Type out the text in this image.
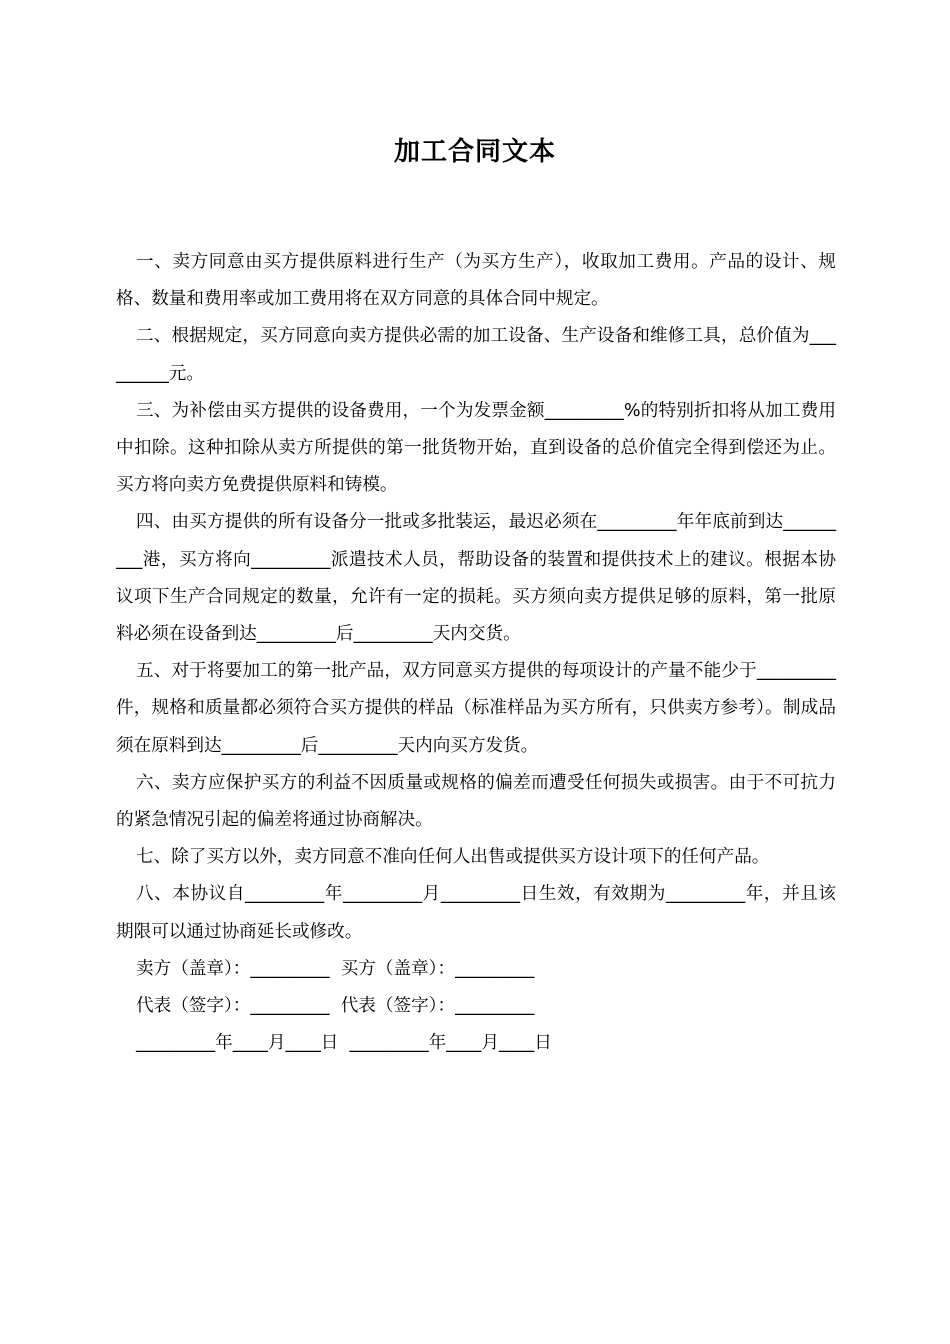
加工合同文本

一、卖方同意由买方提供原料进行生产（为买方生产），收取加工费用。产品的设计、规格、数量和费用率或加工费用将在双方同意的具体合同中规定。

二、根据规定，买方同意向卖方提供必需的加工设备、生产设备和维修工具，总价值为_________元。

三、为补偿由买方提供的设备费用，一个为发票金额_________%的特别折扣将从加工费用中扣除。这种扣除从卖方所提供的第一批货物开始，直到设备的总价值完全得到偿还为止。买方将向卖方免费提供原料和铸模。

四、由买方提供的所有设备分一批或多批装运，最迟必须在_________年年底前到达_________港，买方将向_________派遣技术人员，帮助设备的装置和提供技术上的建议。根据本协议项下生产合同规定的数量，允许有一定的损耗。买方须向卖方提供足够的原料，第一批原料必须在设备到达_________后_________天内交货。

五、对于将要加工的第一批产品，双方同意买方提供的每项设计的产量不能少于_________件，规格和质量都必须符合买方提供的样品（标准样品为买方所有，只供卖方参考）。制成品须在原料到达_________后_________天内向买方发货。

六、卖方应保护买方的利益不因质量或规格的偏差而遭受任何损失或损害。由于不可抗力的紧急情况引起的偏差将通过协商解决。

七、除了买方以外，卖方同意不准向任何人出售或提供买方设计项下的任何产品。

八、本协议自_________年_________月_________日生效，有效期为_________年，并且该期限可以通过协商延长或修改。

卖方（盖章）：_________  买方（盖章）：_________

代表（签字）：_________  代表（签字）：_________

_________年____月____日  _________年____月____日
